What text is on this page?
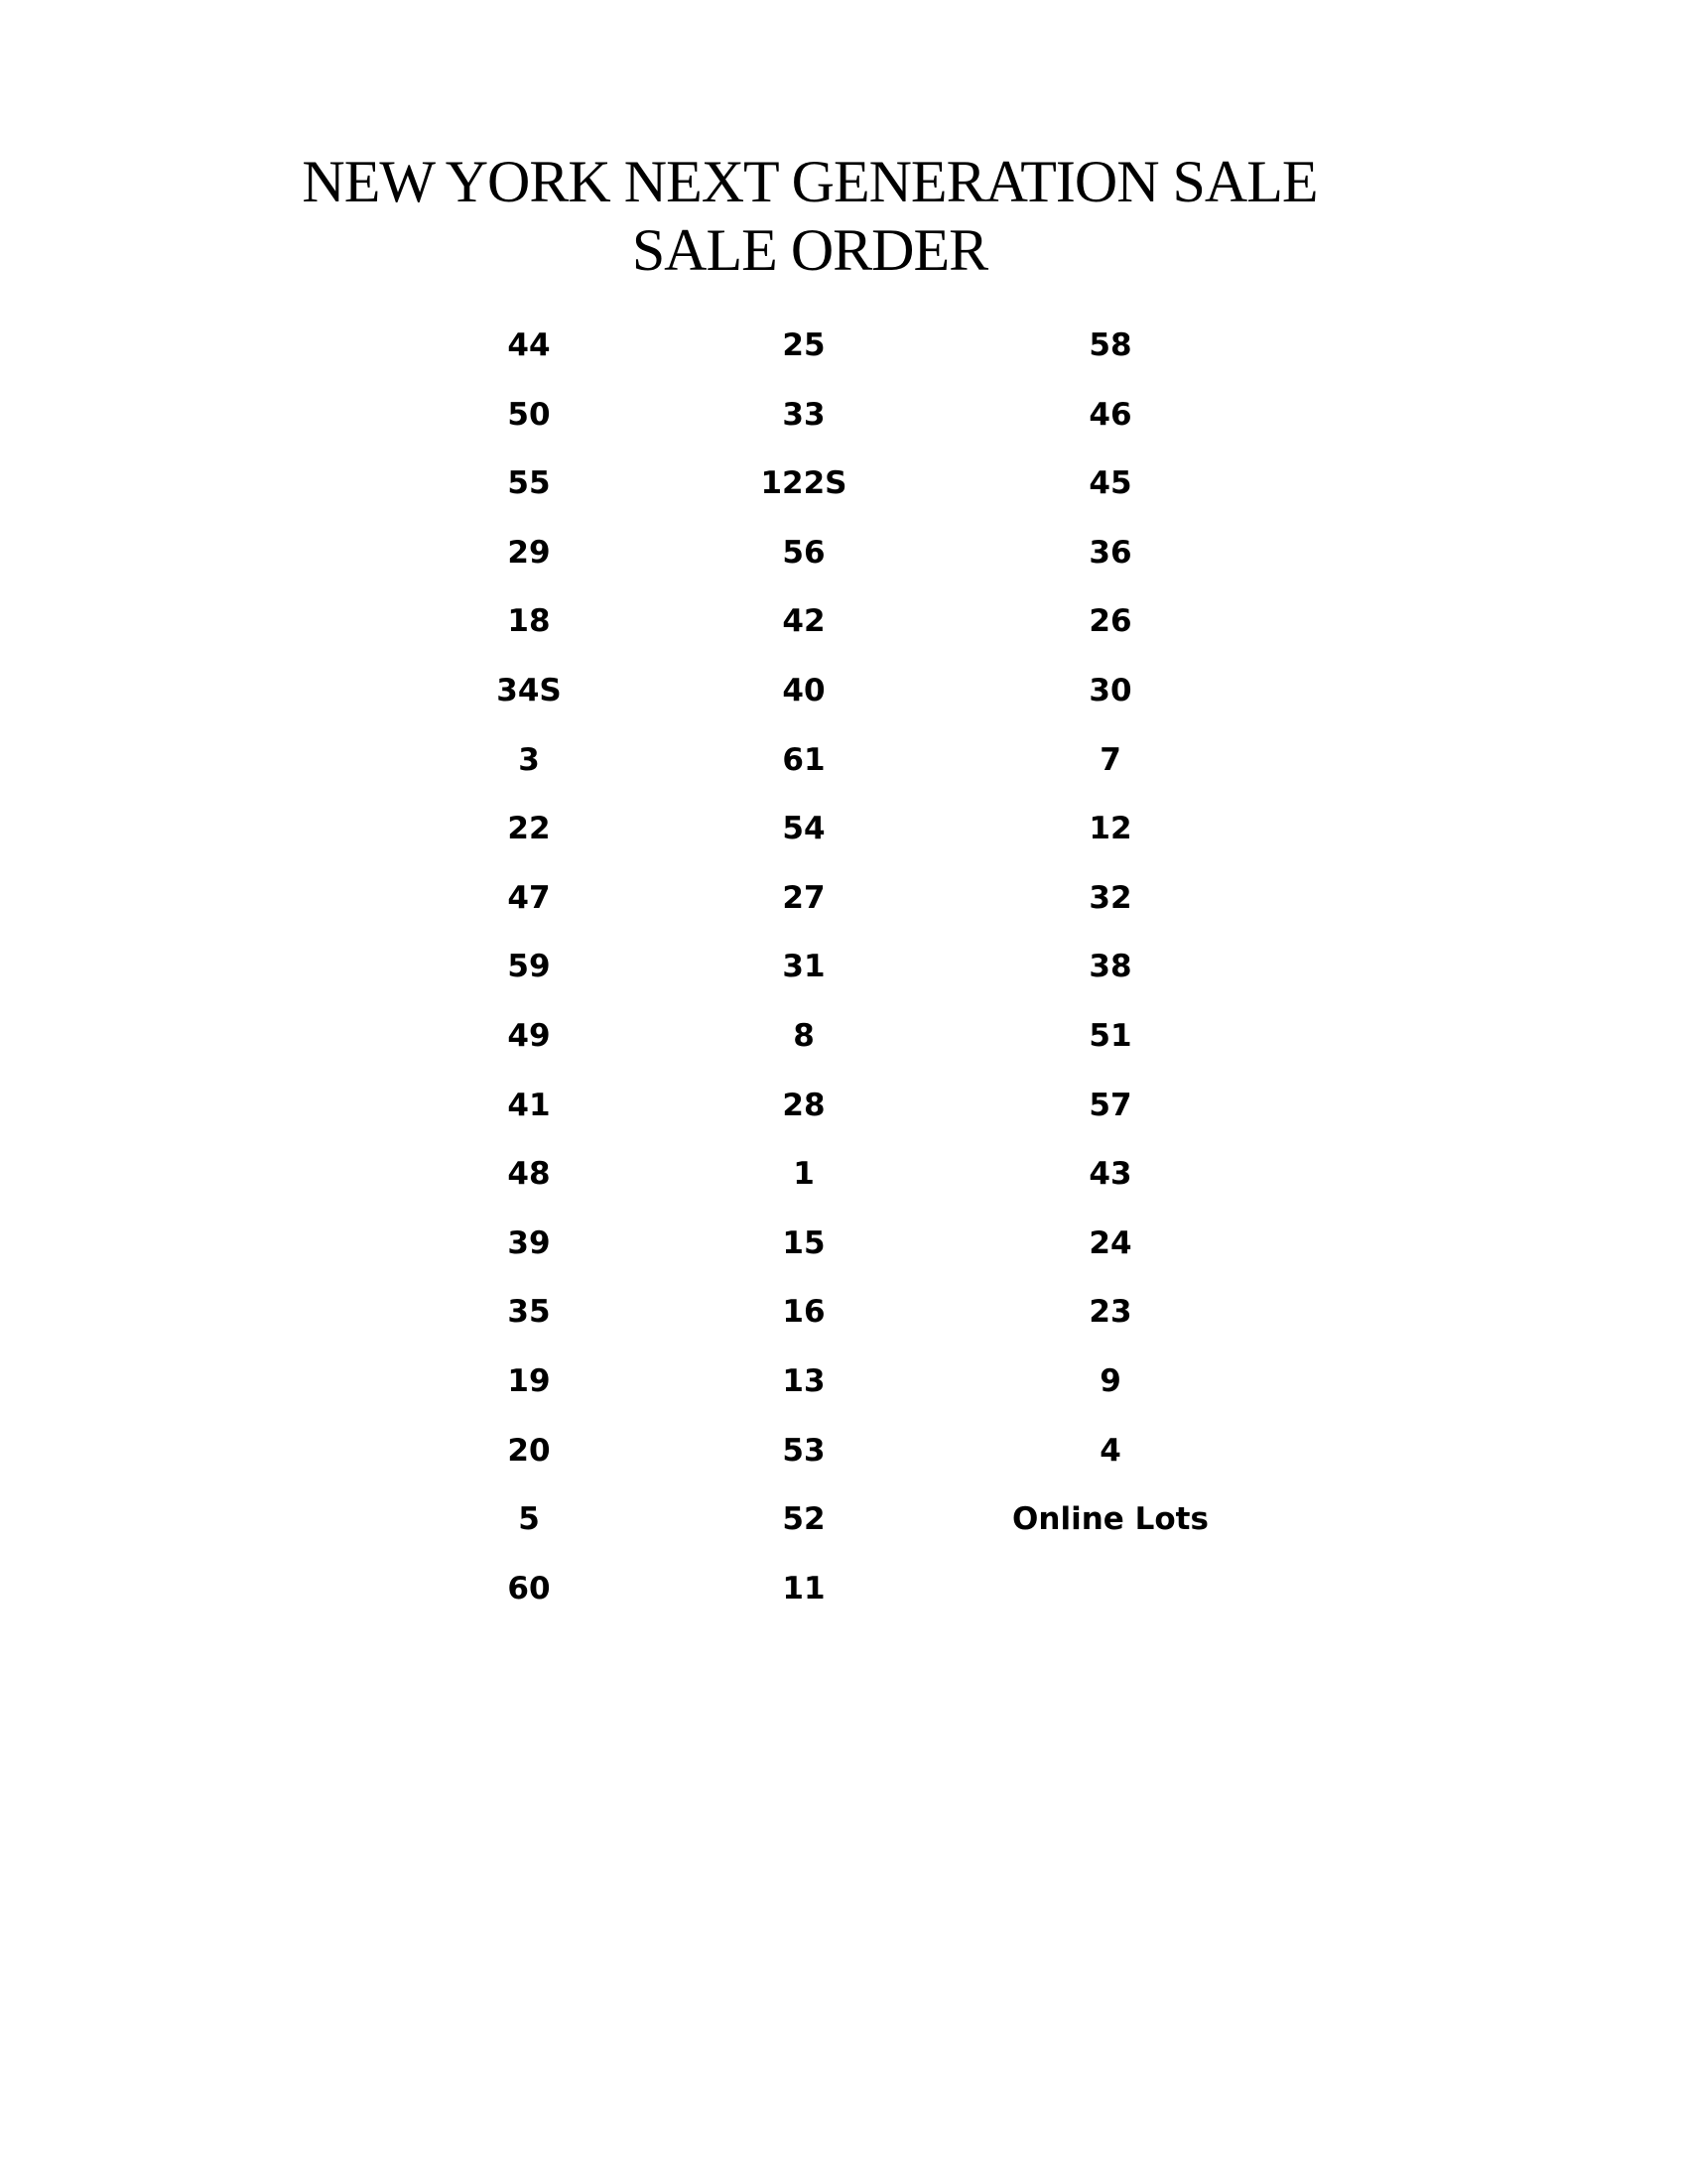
NEW YORK NEXT GENERATION SALE
SALE ORDER
44
50
55
29
18
34S
3
22
47
59
49
41
48
39
35
19
20
5
60
25
33
122S
56
42
40
61
54
27
31
8
28
1
15
16
13
53
52
11
58
46
45
36
26
30
7
12
32
38
51
57
43
24
23
9
4
Online Lots
